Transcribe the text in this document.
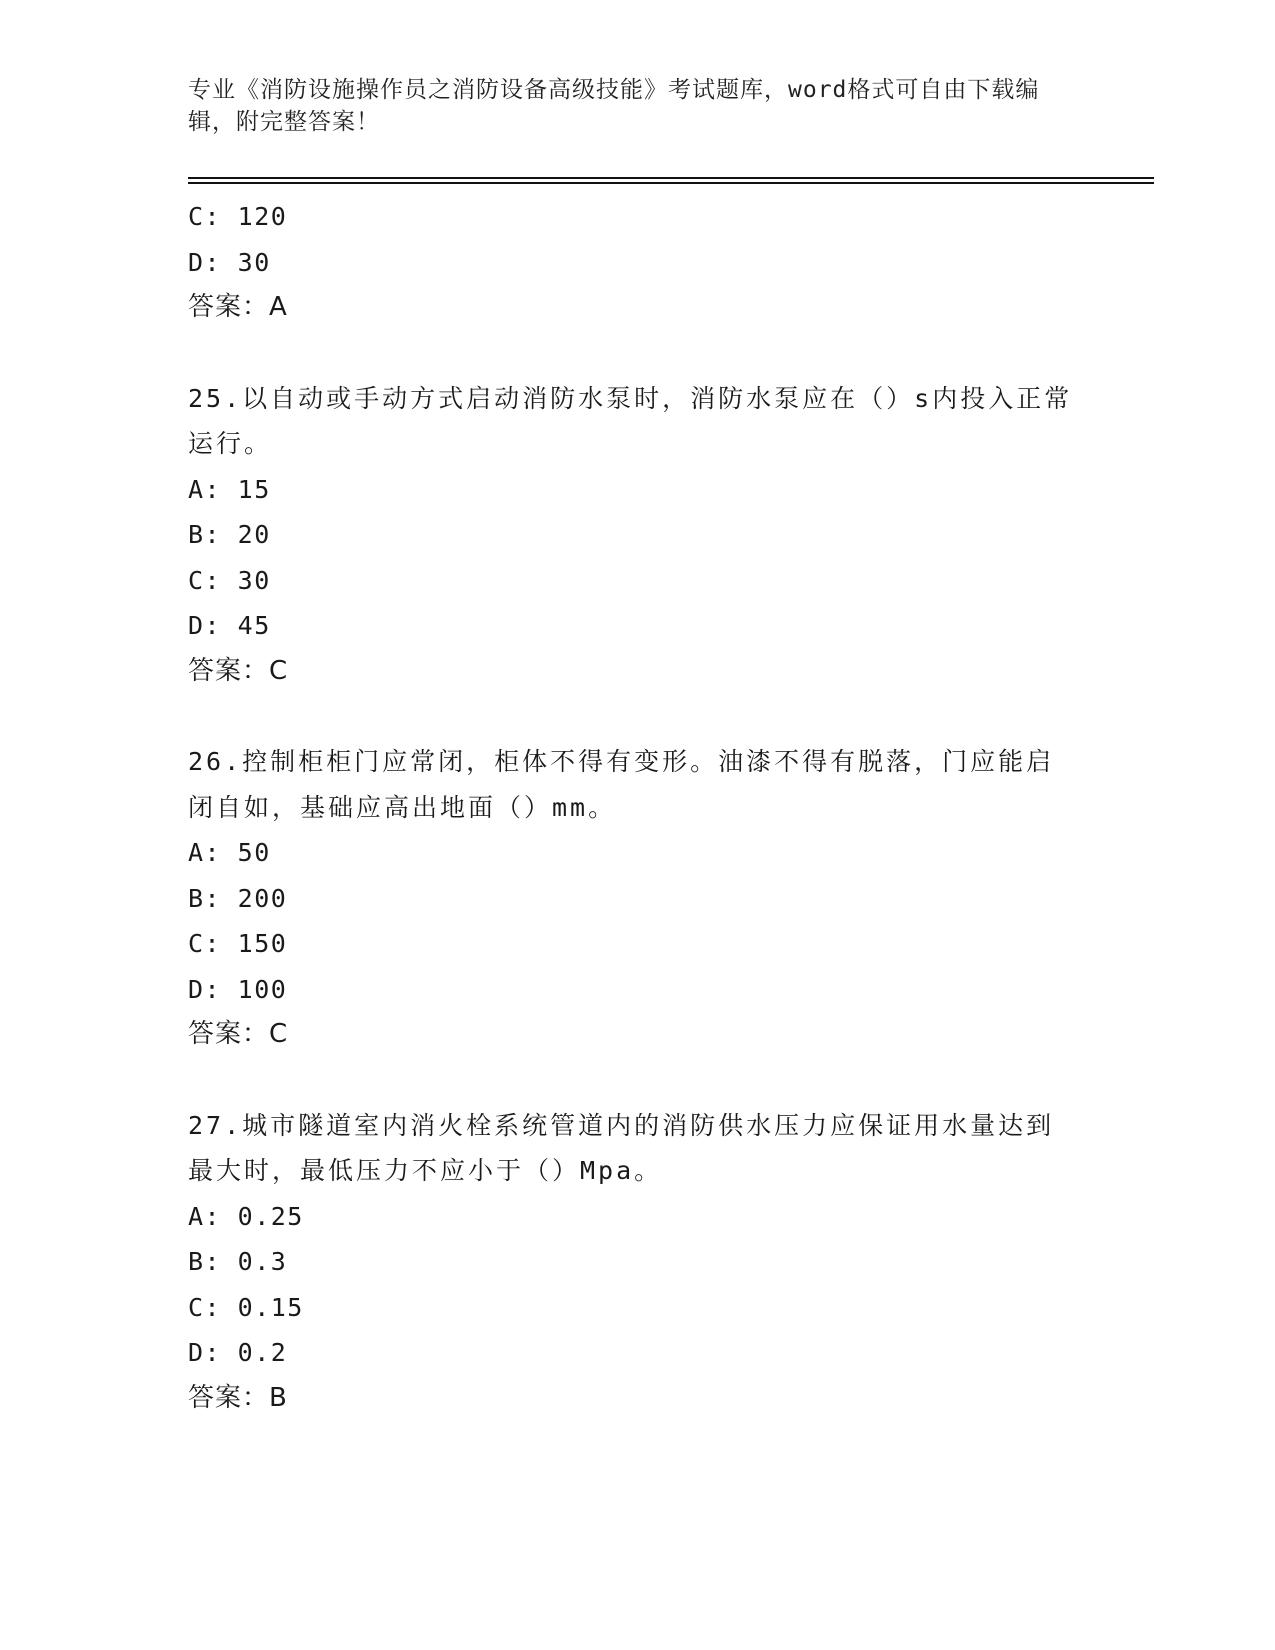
专业《消防设施操作员之消防设备高级技能》考试题库，word格式可自由下载编辑，附完整答案！
C: 120
D: 30
答案：A
25.以自动或手动方式启动消防水泵时，消防水泵应在（）s内投入正常运行。
A: 15
B: 20
C: 30
D: 45
答案：C
26.控制柜柜门应常闭，柜体不得有变形。油漆不得有脱落，门应能启闭自如，基础应高出地面（）mm。
A: 50
B: 200
C: 150
D: 100
答案：C
27.城市隧道室内消火栓系统管道内的消防供水压力应保证用水量达到最大时，最低压力不应小于（）Mpa。
A: 0.25
B: 0.3
C: 0.15
D: 0.2
答案：B
